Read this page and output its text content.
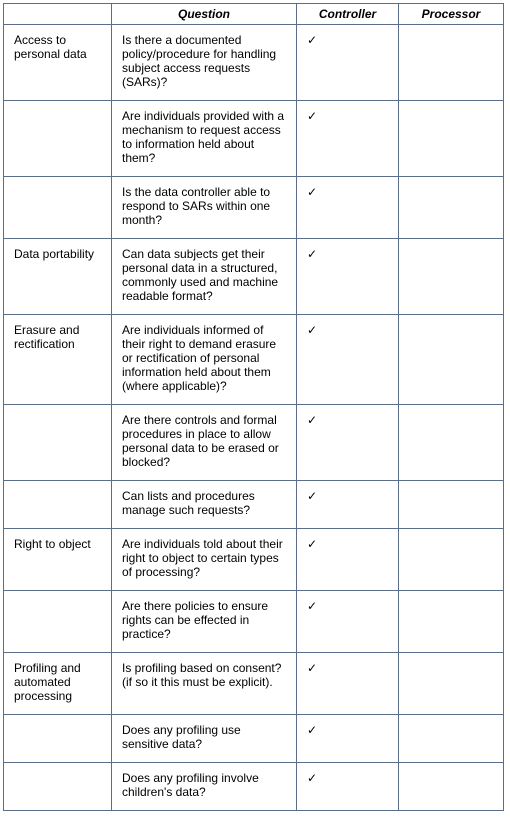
	Question	Controller	Processor
Access to personal data	Is there a documented policy/procedure for handling subject access requests (SARs)?	✓	
	Are individuals provided with a mechanism to request access to information held about them?	✓	
	Is the data controller able to respond to SARs within one month?	✓	
Data portability	Can data subjects get their personal data in a structured, commonly used and machine readable format?	✓	
Erasure and rectification	Are individuals informed of their right to demand erasure or rectification of personal information held about them (where applicable)?	✓	
	Are there controls and formal procedures in place to allow personal data to be erased or blocked?	✓	
	Can lists and procedures manage such requests?	✓	
Right to object	Are individuals told about their right to object to certain types of processing?	✓	
	Are there policies to ensure rights can be effected in practice?	✓	
Profiling and automated processing	Is profiling based on consent? (if so it this must be explicit).	✓	
	Does any profiling use sensitive data?	✓	
	Does any profiling involve children's data?	✓	
